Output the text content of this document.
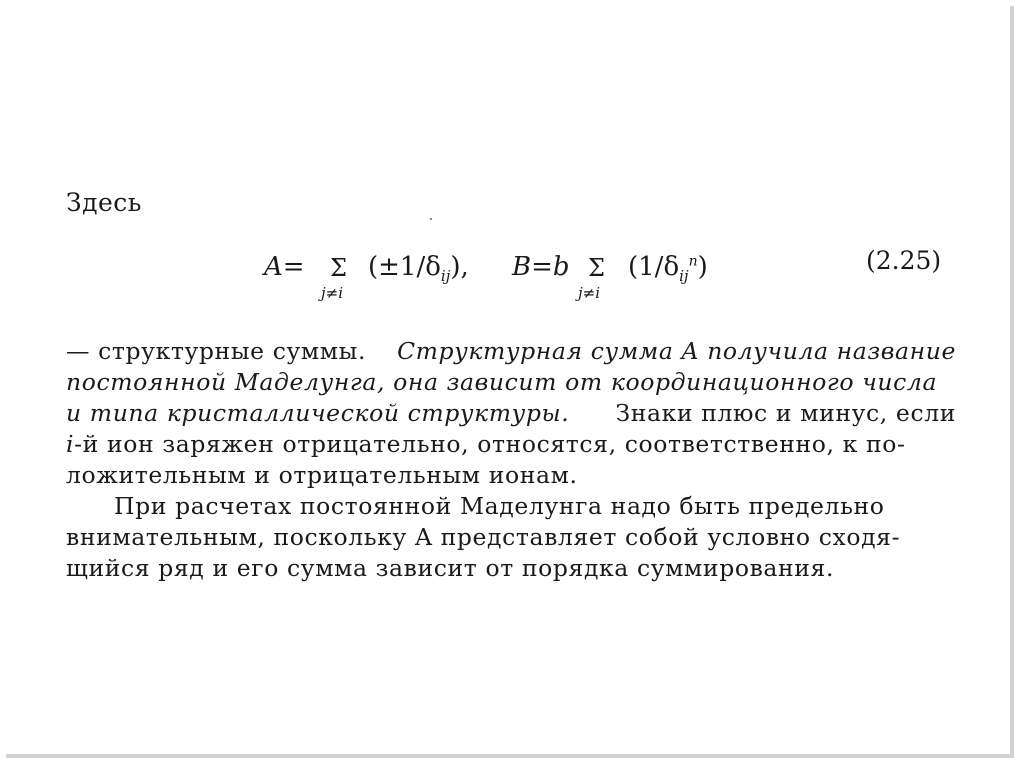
Здесь
A= Σ
j≠i
$(\pm 1/\delta_{ij})$, B=b Σ
j≠i
$(1/\delta_{ij}^n)$	(2.25)
— структурные суммы. Структурная сумма A получила название
постоянной Маделунга, она зависит от координационного числа
и типа кристаллической структуры. Знаки плюс и минус, если
i-й ион заряжен отрицательно, относятся, соответственно, к по-
ложительным и отрицательным ионам.
При расчетах постоянной Маделунга надо быть предельно
внимательным, поскольку A представляет собой условно сходя-
щийся ряд и его сумма зависит от порядка суммирования.
